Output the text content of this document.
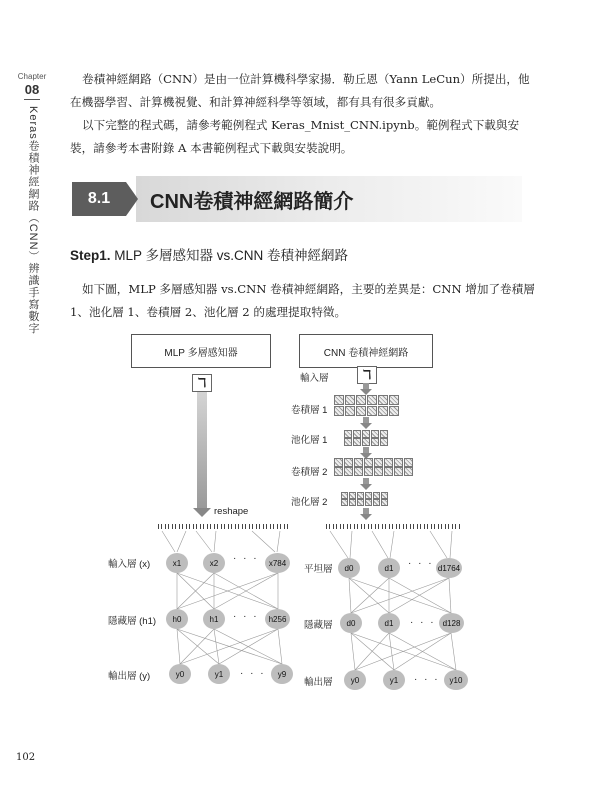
Chapter
08
Keras卷積神經網路（CNN）辨識手寫數字

卷積神經網路（CNN）是由一位計算機科學家揚．勒丘恩（Yann LeCun）所提出，他在機器學習、計算機視覺、和計算神經科學等領域，都有具有很多貢獻。

以下完整的程式碼，請參考範例程式 Keras_Mnist_CNN.ipynb。範例程式下載與安裝，請參考本書附錄 A 本書範例程式下載與安裝說明。

8.1	CNN卷積神經網路簡介

Step1. MLP 多層感知器 vs.CNN 卷積神經網路

如下圖，MLP 多層感知器 vs.CNN 卷積神經網路，主要的差異是：CNN 增加了卷積層 1、池化層 1、卷積層 2、池化層 2 的處理提取特徵。

MLP 多層感知器
ℸ
reshape
輸入層 (x)
隱藏層 (h1)
輸出層 (y)
x1	x2	· · ·	x784
h0	h1	· · ·	h256
y0	y1	· · ·	y9
CNN 卷積神經網路
輸入層	ℸ
卷積層 1
池化層 1
卷積層 2
池化層 2
平坦層
隱藏層
輸出層
d0	d1	· · · d1764
d0	d1	· · · d128
y0	y1	· · ·	y10
102
